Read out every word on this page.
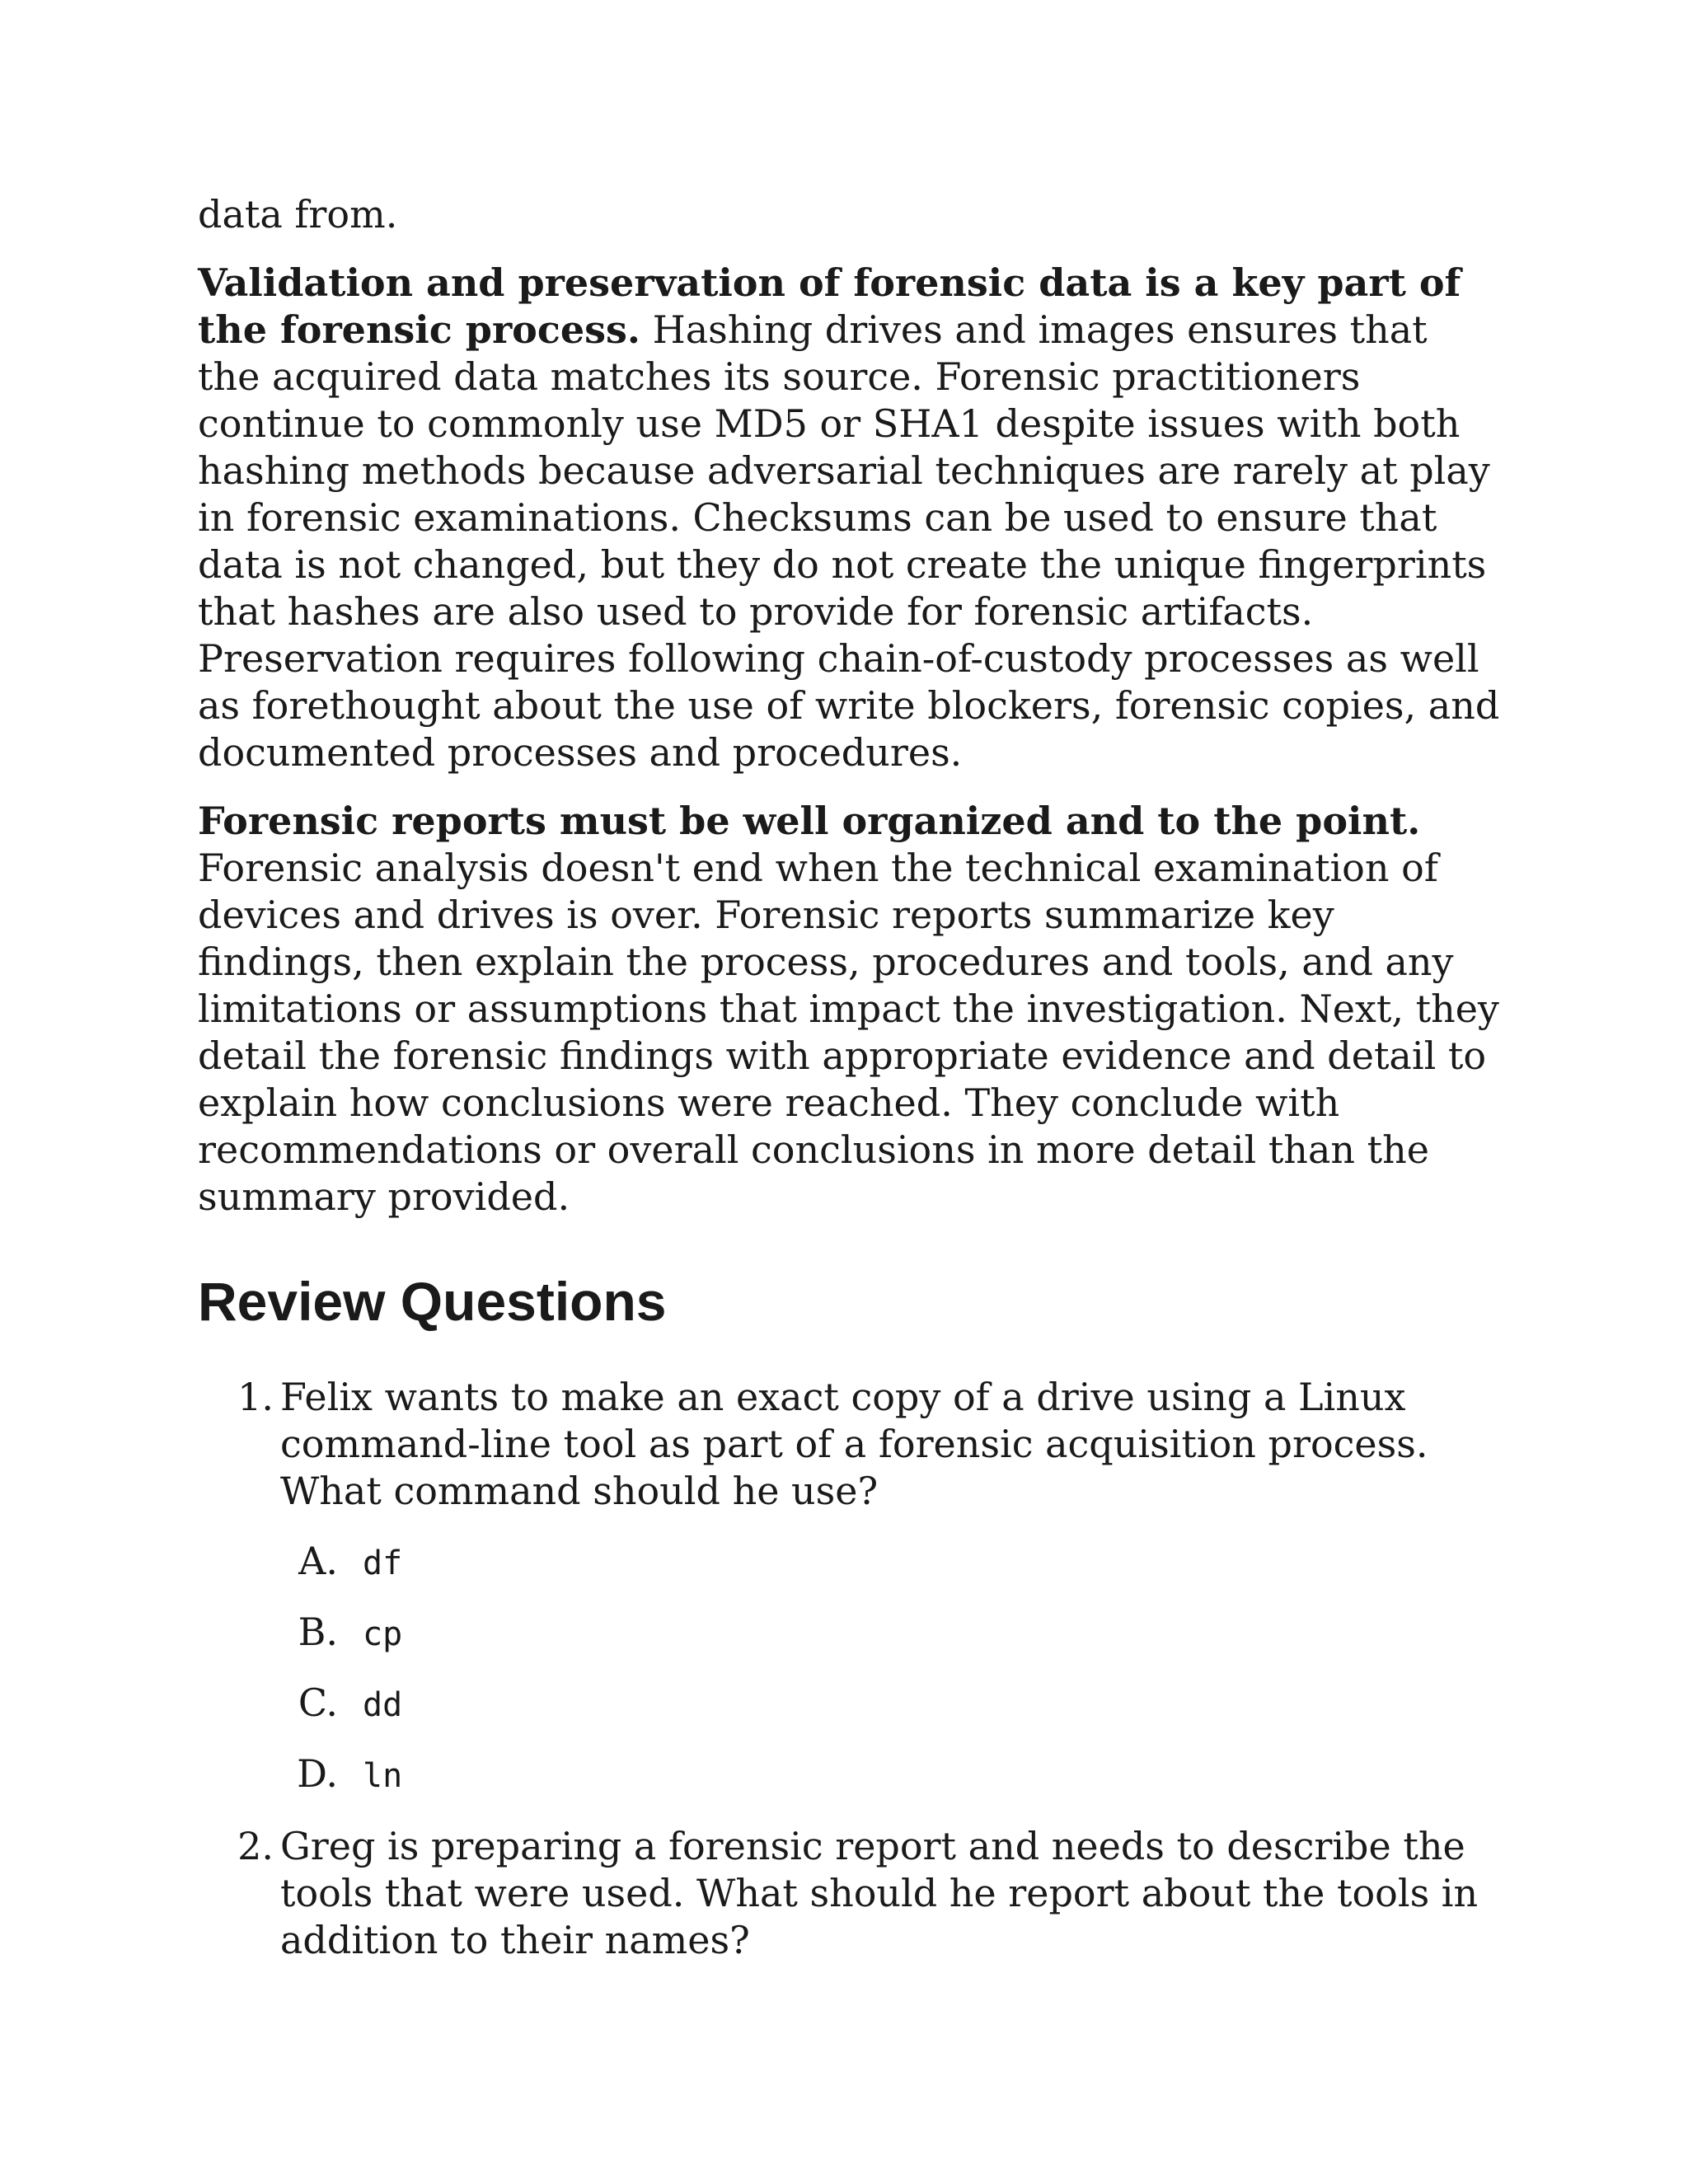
data from.

Validation and preservation of forensic data is a key part of the forensic process. Hashing drives and images ensures that the acquired data matches its source. Forensic practitioners continue to commonly use MD5 or SHA1 despite issues with both hashing methods because adversarial techniques are rarely at play in forensic examinations. Checksums can be used to ensure that data is not changed, but they do not create the unique fingerprints that hashes are also used to provide for forensic artifacts. Preservation requires following chain-of-custody processes as well as forethought about the use of write blockers, forensic copies, and documented processes and procedures.

Forensic reports must be well organized and to the point. Forensic analysis doesn't end when the technical examination of devices and drives is over. Forensic reports summarize key findings, then explain the process, procedures and tools, and any limitations or assumptions that impact the investigation. Next, they detail the forensic findings with appropriate evidence and detail to explain how conclusions were reached. They conclude with recommendations or overall conclusions in more detail than the summary provided.

Review Questions
1. Felix wants to make an exact copy of a drive using a Linux command-line tool as part of a forensic acquisition process. What command should he use?
A. df
B. cp
C. dd
D. ln
2. Greg is preparing a forensic report and needs to describe the tools that were used. What should he report about the tools in addition to their names?
